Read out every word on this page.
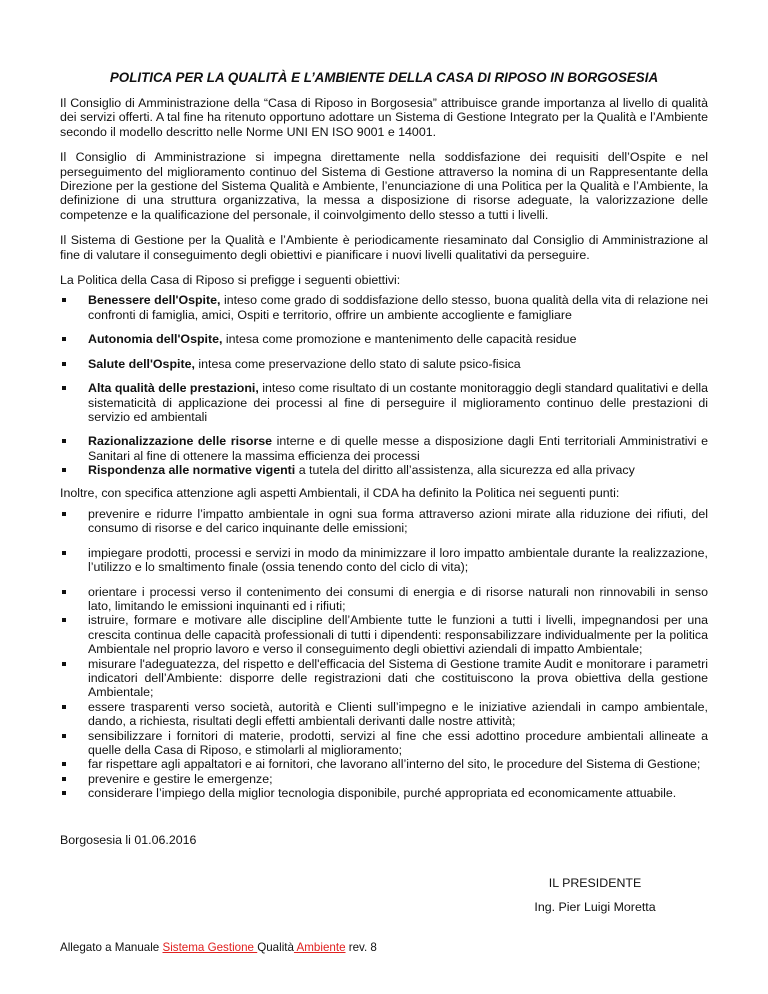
POLITICA PER LA QUALITÀ E L’AMBIENTE DELLA CASA DI RIPOSO IN BORGOSESIA

Il Consiglio di Amministrazione della “Casa di Riposo in Borgosesia” attribuisce grande importanza al livello di qualità dei servizi offerti. A tal fine ha ritenuto opportuno adottare un Sistema di Gestione Integrato per la Qualità e l’Ambiente secondo il modello descritto nelle Norme UNI EN ISO 9001 e 14001.

Il Consiglio di Amministrazione si impegna direttamente nella soddisfazione dei requisiti dell’Ospite e nel perseguimento del miglioramento continuo del Sistema di Gestione attraverso la nomina di un Rappresentante della Direzione per la gestione del Sistema Qualità e Ambiente, l’enunciazione di una Politica per la Qualità e l’Ambiente, la definizione di una struttura organizzativa, la messa a disposizione di risorse adeguate, la valorizzazione delle competenze e la qualificazione del personale, il coinvolgimento dello stesso a tutti i livelli.

Il Sistema di Gestione per la Qualità e l’Ambiente è periodicamente riesaminato dal Consiglio di Amministrazione al fine di valutare il conseguimento degli obiettivi e pianificare i nuovi livelli qualitativi da perseguire.

La Politica della Casa di Riposo si prefigge i seguenti obiettivi:

Benessere dell'Ospite, inteso come grado di soddisfazione dello stesso, buona qualità della vita di relazione nei confronti di famiglia, amici, Ospiti e territorio, offrire un ambiente accogliente e famigliare
Autonomia dell'Ospite, intesa come promozione e mantenimento delle capacità residue
Salute dell'Ospite, intesa come preservazione dello stato di salute psico-fisica
Alta qualità delle prestazioni, inteso come risultato di un costante monitoraggio degli standard qualitativi e della sistematicità di applicazione dei processi al fine di perseguire il miglioramento continuo delle prestazioni di servizio ed ambientali
Razionalizzazione delle risorse interne e di quelle messe a disposizione dagli Enti territoriali Amministrativi e Sanitari al fine di ottenere la massima efficienza dei processi
Rispondenza alle normative vigenti a tutela del diritto all’assistenza, alla sicurezza ed alla privacy

Inoltre, con specifica attenzione agli aspetti Ambientali, il CDA ha definito la Politica nei seguenti punti:

prevenire e ridurre l’impatto ambientale in ogni sua forma attraverso azioni mirate alla riduzione dei rifiuti, del consumo di risorse e del carico inquinante delle emissioni;
impiegare prodotti, processi e servizi in modo da minimizzare il loro impatto ambientale durante la realizzazione, l’utilizzo e lo smaltimento finale (ossia tenendo conto del ciclo di vita);
orientare i processi verso il contenimento dei consumi di energia e di risorse naturali non rinnovabili in senso lato, limitando le emissioni inquinanti ed i rifiuti;
istruire, formare e motivare alle discipline dell’Ambiente tutte le funzioni a tutti i livelli, impegnandosi per una crescita continua delle capacità professionali di tutti i dipendenti: responsabilizzare individualmente per la politica Ambientale nel proprio lavoro e verso il conseguimento degli obiettivi aziendali di impatto Ambientale;
misurare l'adeguatezza, del rispetto e dell'efficacia del Sistema di Gestione tramite Audit e monitorare i parametri indicatori dell’Ambiente: disporre delle registrazioni dati che costituiscono la prova obiettiva della gestione Ambientale;
essere trasparenti verso società, autorità e Clienti sull’impegno e le iniziative aziendali in campo ambientale, dando, a richiesta, risultati degli effetti ambientali derivanti dalle nostre attività;
sensibilizzare i fornitori di materie, prodotti, servizi al fine che essi adottino procedure ambientali allineate a quelle della Casa di Riposo, e stimolarli al miglioramento;
far rispettare agli appaltatori e ai fornitori, che lavorano all’interno del sito, le procedure del Sistema di Gestione;
prevenire e gestire le emergenze;
considerare l’impiego della miglior tecnologia disponibile, purché appropriata ed economicamente attuabile.
Borgosesia li 01.06.2016
IL PRESIDENTE
Ing. Pier Luigi Moretta
Allegato a Manuale Sistema Gestione Qualità Ambiente rev. 8
